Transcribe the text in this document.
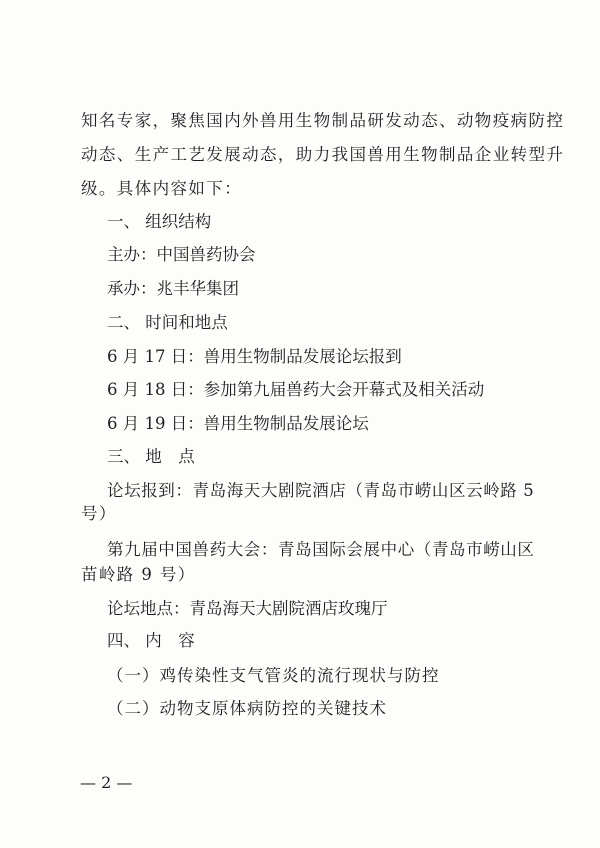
知名专家，聚焦国内外兽用生物制品研发动态、动物疫病防控
动态、生产工艺发展动态，助力我国兽用生物制品企业转型升
级。具体内容如下：
一、 组织结构
主办：中国兽药协会
承办：兆丰华集团
二、 时间和地点
6 月 17 日：兽用生物制品发展论坛报到
6 月 18 日：参加第九届兽药大会开幕式及相关活动
6 月 19 日：兽用生物制品发展论坛
三、 地　点
论坛报到：青岛海天大剧院酒店（青岛市崂山区云岭路 5
号）
第九届中国兽药大会：青岛国际会展中心（青岛市崂山区
苗岭路 9 号）
论坛地点：青岛海天大剧院酒店玫瑰厅
四、 内　容
（一）鸡传染性支气管炎的流行现状与防控
（二）动物支原体病防控的关键技术
— 2 —
